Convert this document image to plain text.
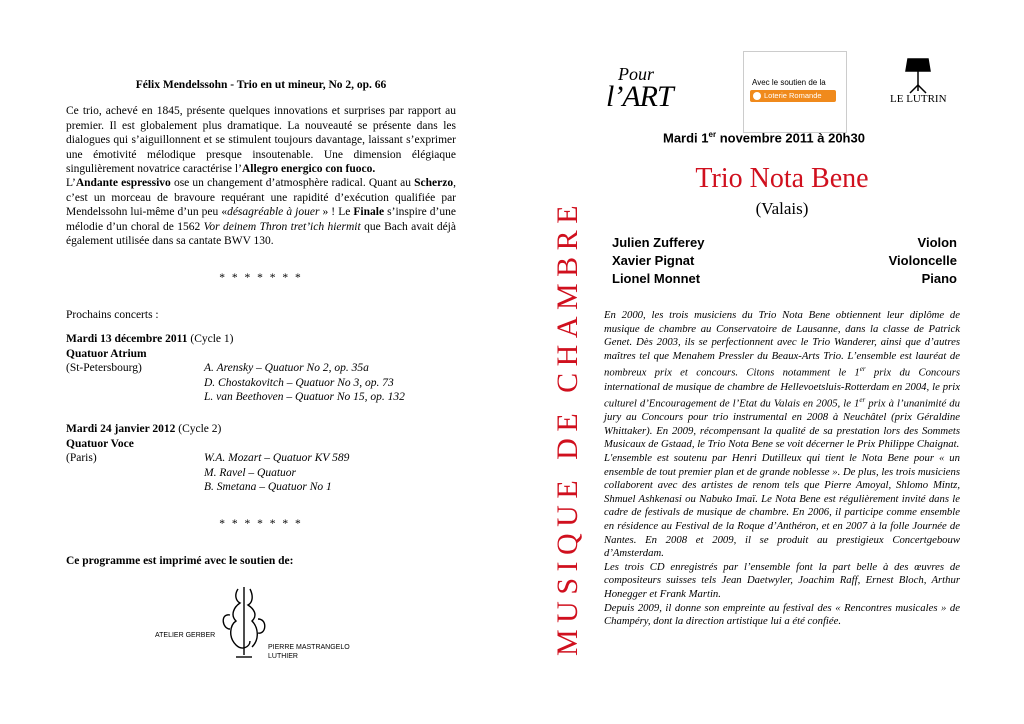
Félix Mendelssohn - Trio en ut mineur, No 2, op. 66

Ce trio, achevé en 1845, présente quelques innovations et surprises par rapport au premier. Il est globalement plus dramatique. La nouveauté se présente dans les dialogues qui s’aiguillonnent et se stimulent toujours davantage, laissant s’exprimer une émotivité mélodique presque insoutenable. Une dimension élégiaque singulièrement novatrice caractérise l’Allegro energico con fuoco.
L’Andante espressivo ose un changement d’atmosphère radical. Quant au Scherzo, c’est un morceau de bravoure requérant une rapidité d’exécution qualifiée par Mendelssohn lui-même d’un peu «désagréable à jouer » ! Le Finale s’inspire d’une mélodie d’un choral de 1562 Vor deinem Thron tret’ich hiermit que Bach avait déjà également utilisée dans sa cantate BWV 130.

* * * * * * *

Prochains concerts :

Mardi 13 décembre 2011 (Cycle 1)

Quatuor Atrium

(St-Petersbourg)	A. Arensky – Quatuor No 2, op. 35a
D. Chostakovitch – Quatuor No 3, op. 73
L. van Beethoven – Quatuor No 15, op. 132

Mardi 24 janvier 2012 (Cycle 2)

Quatuor Voce

(Paris)	W.A. Mozart – Quatuor KV 589
M. Ravel – Quatuor
B. Smetana – Quatuor No 1

* * * * * * *

Ce programme est imprimé avec le soutien de:

ATELIER GERBER
PIERRE MASTRANGELO
LUTHIER
MUSIQUE DE CHAMBRE
Pour
l’ART	Avec le soutien de la
Loterie Romande	LE LUTRIN
Mardi 1er novembre 2011 à 20h30
Trio Nota Bene
(Valais)
Julien Zufferey	Violon
Xavier Pignat	Violoncelle
Lionel Monnet	Piano

En 2000, les trois musiciens du Trio Nota Bene obtiennent leur diplôme de musique de chambre au Conservatoire de Lausanne, dans la classe de Patrick Genet. Dès 2003, ils se perfectionnent avec le Trio Wanderer, ainsi que d’autres maîtres tel que Menahem Pressler du Beaux-Arts Trio. L’ensemble est lauréat de nombreux prix et concours. Citons notamment le 1er prix du Concours international de musique de chambre de Hellevoetsluis-Rotterdam en 2004, le prix culturel d’Encouragement de l’Etat du Valais en 2005, le 1er prix à l’unanimité du jury au Concours pour trio instrumental en 2008 à Neuchâtel (prix Géraldine Whittaker). En 2009, récompensant la qualité de sa prestation lors des Sommets Musicaux de Gstaad, le Trio Nota Bene se voit décerner le Prix Philippe Chaignat.

L'ensemble est soutenu par Henri Dutilleux qui tient le Nota Bene pour « un ensemble de tout premier plan et de grande noblesse ». De plus, les trois musiciens collaborent avec des artistes de renom tels que Pierre Amoyal, Shlomo Mintz, Shmuel Ashkenasi ou Nabuko Imaï. Le Nota Bene est régulièrement invité dans le cadre de festivals de musique de chambre. En 2006, il participe comme ensemble en résidence au Festival de la Roque d’Anthéron, et en 2007 à la folle Journée de Nantes. En 2008 et 2009, il se produit au prestigieux Concertgebouw d’Amsterdam.

Les trois CD enregistrés par l’ensemble font la part belle à des œuvres de compositeurs suisses tels Jean Daetwyler, Joachim Raff, Ernest Bloch, Arthur Honegger et Frank Martin.

Depuis 2009, il donne son empreinte au festival des « Rencontres musicales » de Champéry, dont la direction artistique lui a été confiée.
